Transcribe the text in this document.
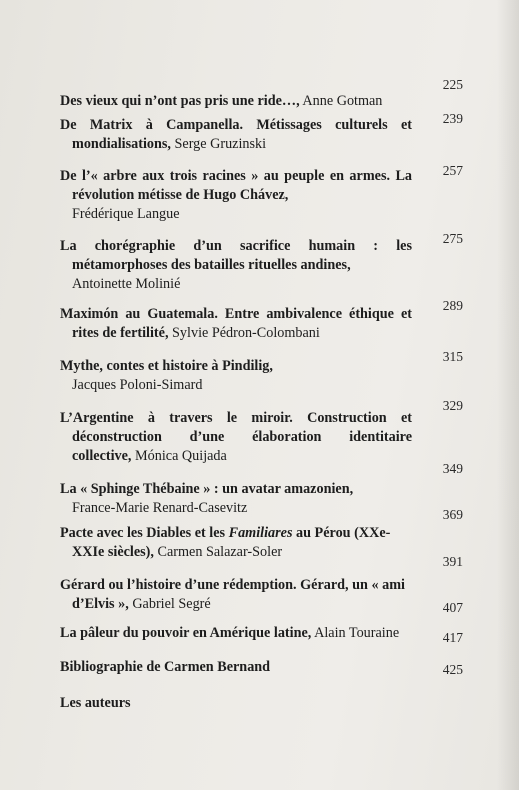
Des vieux qui n’ont pas pris une ride…, Anne Gotman
225
De Matrix à Campanella. Métissages culturels et
mondialisations, Serge Gruzinski
239
De l’« arbre aux trois racines » au peuple en armes. La
révolution métisse de Hugo Chávez,
Frédérique Langue
257
La chorégraphie d’un sacrifice humain : les
métamorphoses des batailles rituelles andines,
Antoinette Molinié
275
Maximón au Guatemala. Entre ambivalence éthique et
rites de fertilité, Sylvie Pédron-Colombani
289
Mythe, contes et histoire à Pindilig,
Jacques Poloni-Simard
315
L’Argentine à travers le miroir. Construction et
déconstruction d’une élaboration identitaire
collective, Mónica Quijada
329
La « Sphinge Thébaine » : un avatar amazonien,
France-Marie Renard-Casevitz
349
Pacte avec les Diables et les Familiares au Pérou (XXe-
XXIe siècles), Carmen Salazar-Soler
369
Gérard ou l’histoire d’une rédemption. Gérard, un « ami
d’Elvis », Gabriel Segré
391
La pâleur du pouvoir en Amérique latine, Alain Touraine
407
Bibliographie de Carmen Bernand
417
Les auteurs
425
